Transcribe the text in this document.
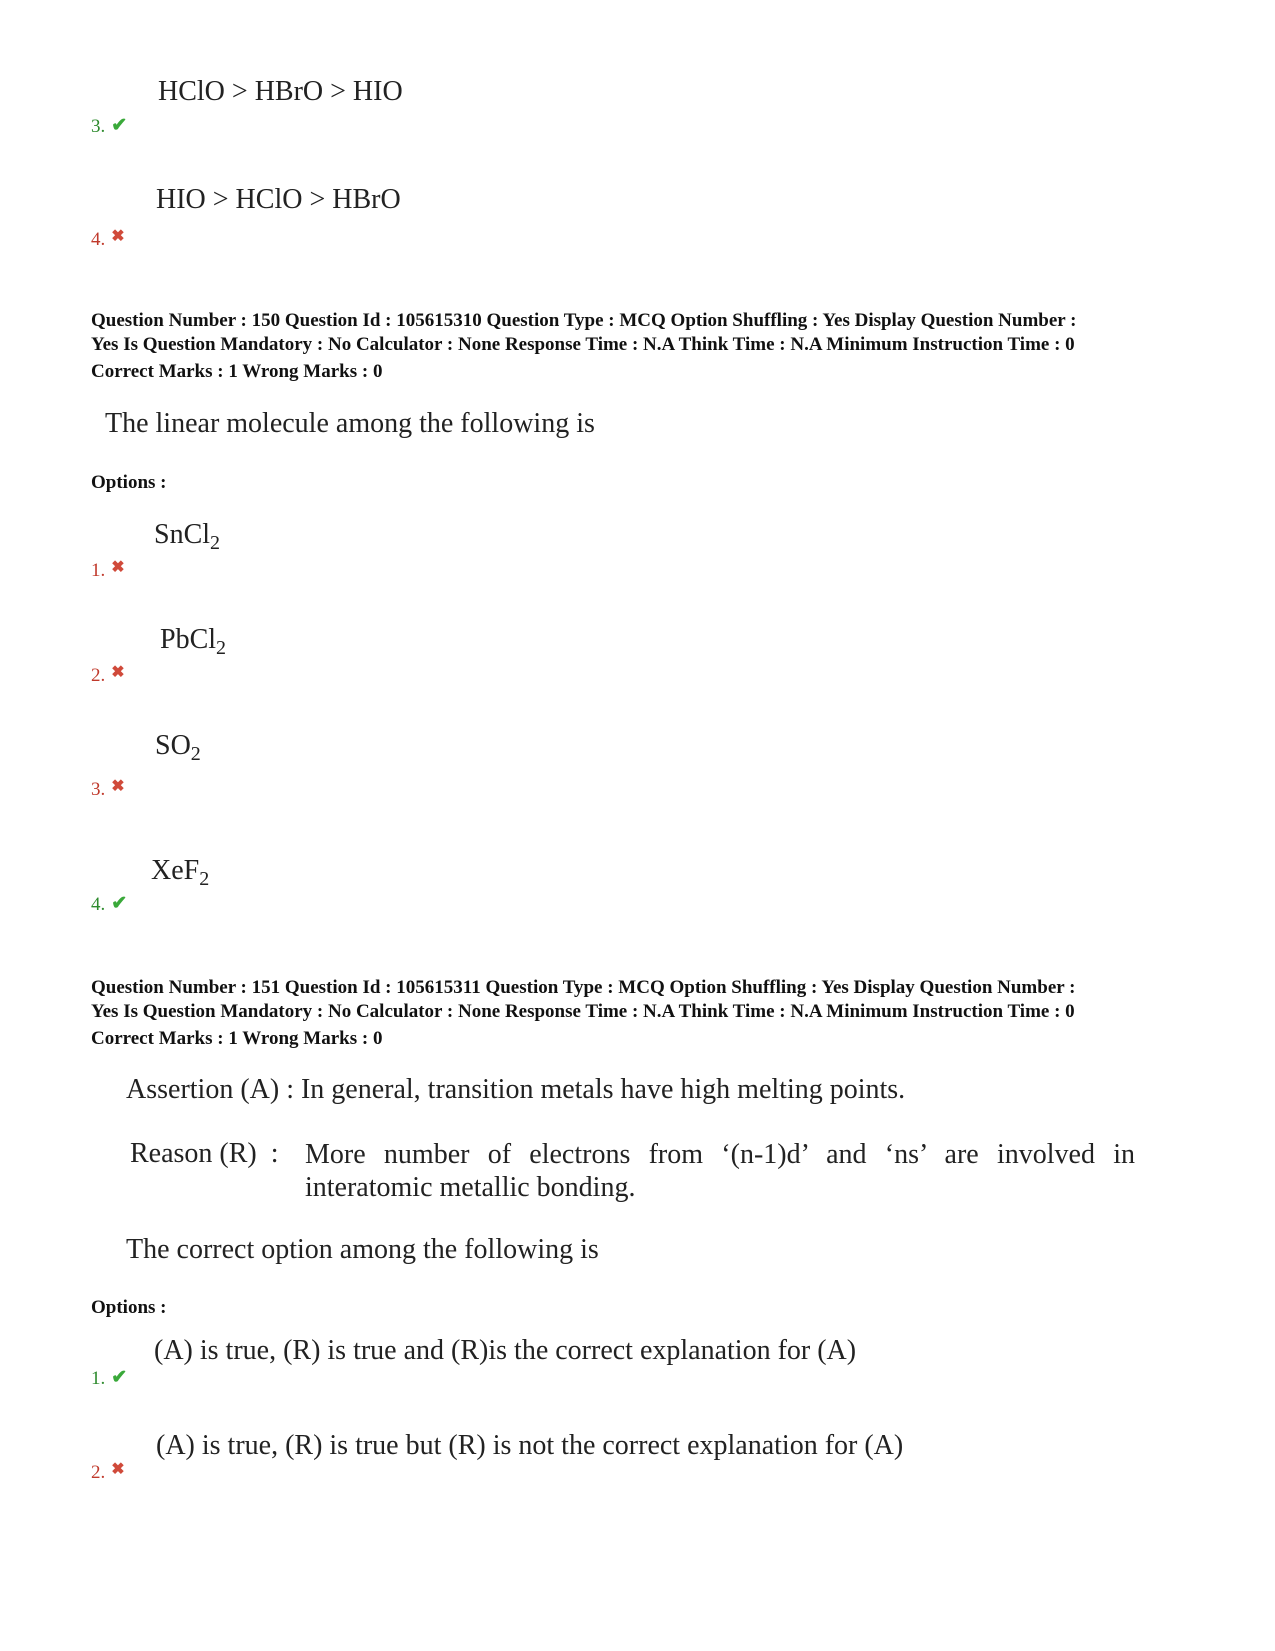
HClO > HBrO > HIO
3. ✔
HIO > HClO > HBrO
4. ✖
Question Number : 150 Question Id : 105615310 Question Type : MCQ Option Shuffling : Yes Display Question Number :
Yes Is Question Mandatory : No Calculator : None Response Time : N.A Think Time : N.A Minimum Instruction Time : 0
Correct Marks : 1 Wrong Marks : 0
The linear molecule among the following is
Options :
SnCl$_2$
1. ✖
PbCl$_2$
2. ✖
$SO_2$
3. ✖
XeF$_2$
4. ✔
Question Number : 151 Question Id : 105615311 Question Type : MCQ Option Shuffling : Yes Display Question Number :
Yes Is Question Mandatory : No Calculator : None Response Time : N.A Think Time : N.A Minimum Instruction Time : 0
Correct Marks : 1 Wrong Marks : 0
Assertion (A) : In general, transition metals have high melting points.
Reason (R)  : More number of electrons from ‘(n-1)d’ and ‘ns’ are involved in interatomic metallic bonding.
The correct option among the following is
Options :
(A) is true, (R) is true and (R)is the correct explanation for (A)
1. ✔
(A) is true, (R) is true but (R) is not the correct explanation for (A)
2. ✖
